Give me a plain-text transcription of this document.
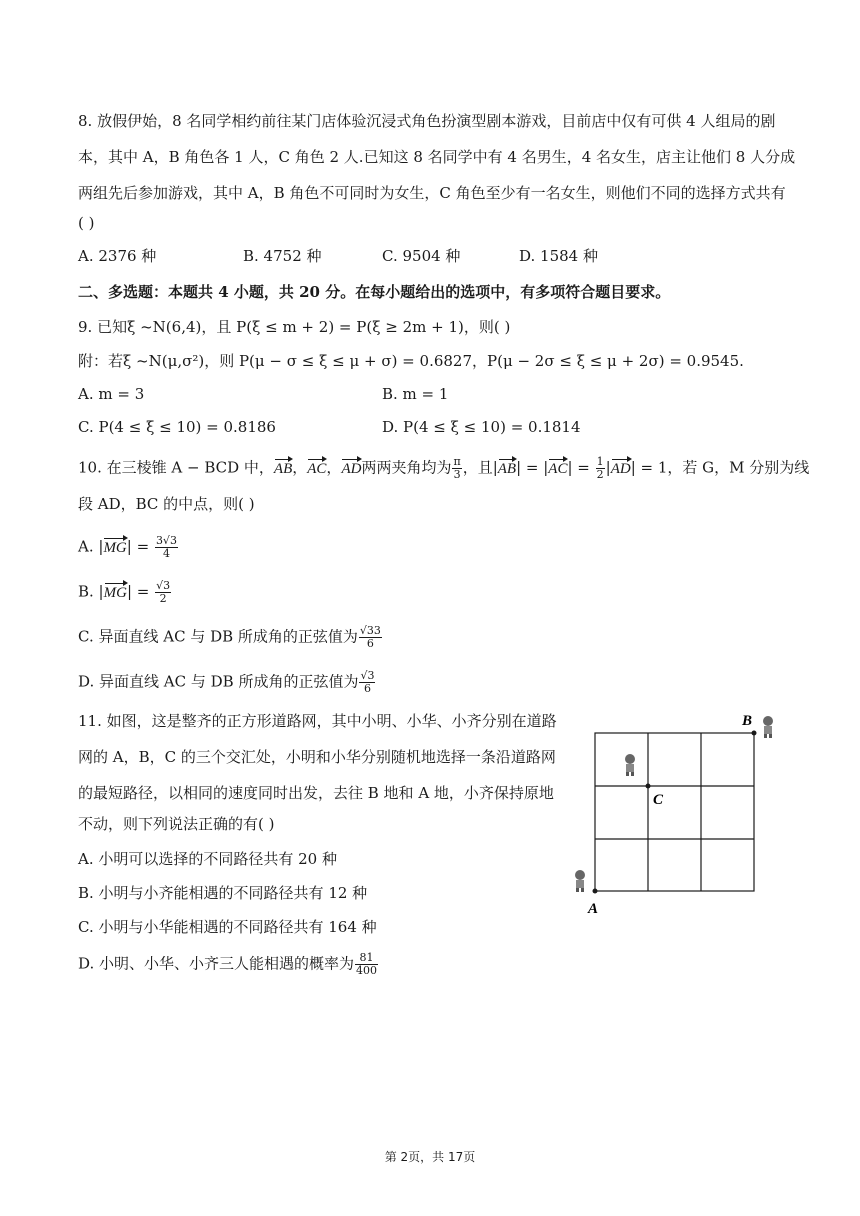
8. 放假伊始，8 名同学相约前往某门店体验沉浸式角色扮演型剧本游戏，目前店中仅有可供 4 人组局的剧
本，其中 A，B 角色各 1 人，C 角色 2 人.已知这 8 名同学中有 4 名男生，4 名女生，店主让他们 8 人分成
两组先后参加游戏，其中 A，B 角色不可同时为女生，C 角色至少有一名女生，则他们不同的选择方式共有
( )
A. 2376 种	B. 4752 种	C. 9504 种	D. 1584 种
二、多选题：本题共 4 小题，共 20 分。在每小题给出的选项中，有多项符合题目要求。
9. 已知ξ ~N(6,4)，且 P(ξ ≤ m + 2) = P(ξ ≥ 2m + 1)，则( )
附：若ξ ~N(μ,σ²)，则 P(μ − σ ≤ ξ ≤ μ + σ) = 0.6827，P(μ − 2σ ≤ ξ ≤ μ + 2σ) = 0.9545.
A. m = 3	B. m = 1
C. P(4 ≤ ξ ≤ 10) = 0.8186	D. P(4 ≤ ξ ≤ 10) = 0.1814
10. 在三棱锥 A − BCD 中，AB，AC，AD两两夹角均为 $\frac{\pi}{3}$ ，且$|AB| = |AC| = \frac{1}{2} |AD| = 1$，若 G，M 分别为线
段 AD，BC 的中点，则( )
A. $|MG| = \frac{3√3}{4}$
B. $|MG| = \frac{√3}{2}$
C. 异面直线 AC 与 DB 所成角的正弦值为 $\frac{√33}{6}$
D. 异面直线 AC 与 DB 所成角的正弦值为 $\frac{√3}{6}$
11. 如图，这是整齐的正方形道路网，其中小明、小华、小齐分别在道路
网的 A，B，C 的三个交汇处，小明和小华分别随机地选择一条沿道路网
的最短路径，以相同的速度同时出发，去往 B 地和 A 地，小齐保持原地
不动，则下列说法正确的有( )
A. 小明可以选择的不同路径共有 20 种
B. 小明与小齐能相遇的不同路径共有 12 种
C. 小明与小华能相遇的不同路径共有 164 种
D. 小明、小华、小齐三人能相遇的概率为 $\frac{81}{400}$
A
B
C
第 2页，共 17页
